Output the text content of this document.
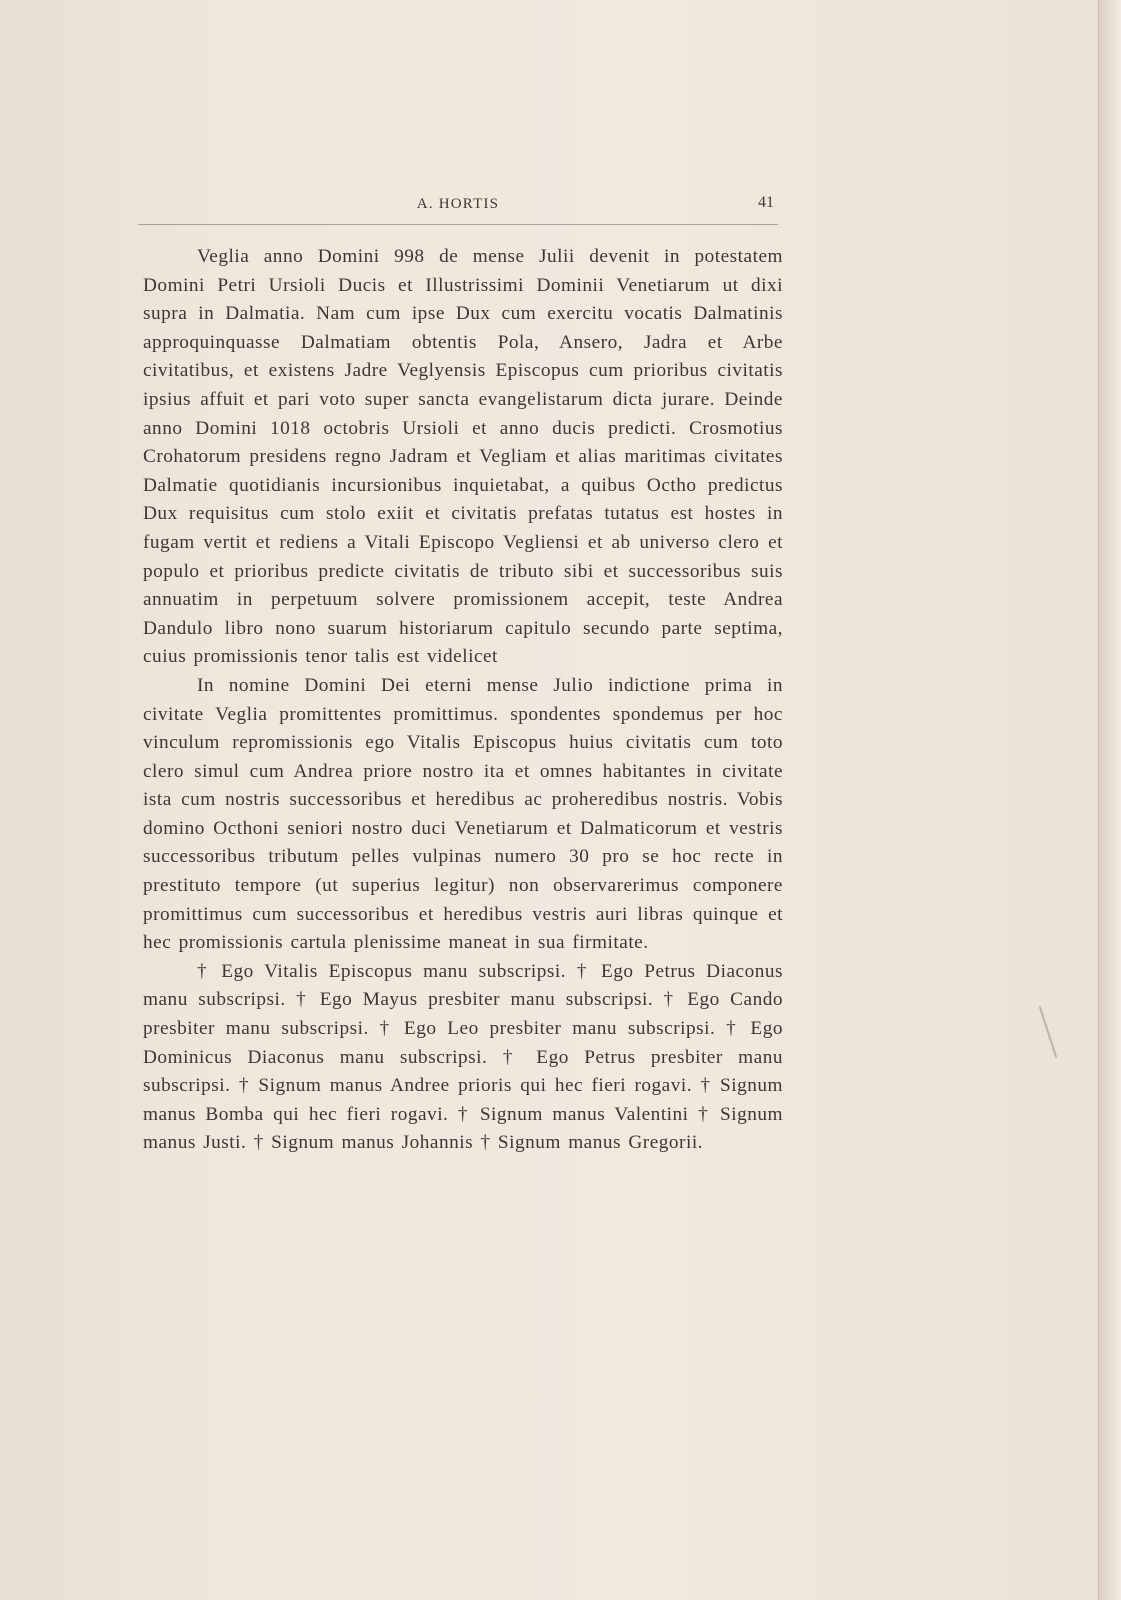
A. HORTIS	41

Veglia anno Domini 998 de mense Julii devenit in potestatem Domini Petri Ursioli Ducis et Illustrissimi Dominii Venetiarum ut dixi supra in Dalmatia. Nam cum ipse Dux cum exercitu vocatis Dalmatinis approquinquasse Dalmatiam obtentis Pola, Ansero, Jadra et Arbe civitatibus, et existens Jadre Veglyensis Episcopus cum prioribus civitatis ipsius affuit et pari voto super sancta evangelistarum dicta jurare. Deinde anno Domini 1018 octobris Ursioli et anno ducis predicti. Crosmotius Crohatorum presidens regno Jadram et Vegliam et alias maritimas civitates Dalmatie quotidianis incursionibus inquietabat, a quibus Octho predictus Dux requisitus cum stolo exiit et civitatis prefatas tutatus est hostes in fugam vertit et rediens a Vitali Episcopo Vegliensi et ab universo clero et populo et prioribus predicte civitatis de tributo sibi et successoribus suis annuatim in perpetuum solvere promissionem accepit, teste Andrea Dandulo libro nono suarum historiarum capitulo secundo parte septima, cuius promissionis tenor talis est videlicet

In nomine Domini Dei eterni mense Julio indictione prima in civitate Veglia promittentes promittimus. spondentes spondemus per hoc vinculum repromissionis ego Vitalis Episcopus huius civitatis cum toto clero simul cum Andrea priore nostro ita et omnes habitantes in civitate ista cum nostris successoribus et heredibus ac proheredibus nostris. Vobis domino Octhoni seniori nostro duci Venetiarum et Dalmaticorum et vestris successoribus tributum pelles vulpinas numero 30 pro se hoc recte in prestituto tempore (ut superius legitur) non observarerimus componere promittimus cum successoribus et heredibus vestris auri libras quinque et hec promissionis cartula plenissime maneat in sua firmitate.

† Ego Vitalis Episcopus manu subscripsi. † Ego Petrus Diaconus manu subscripsi. † Ego Mayus presbiter manu subscripsi. † Ego Cando presbiter manu subscripsi. † Ego Leo presbiter manu subscripsi. † Ego Dominicus Diaconus manu subscripsi. † Ego Petrus presbiter manu subscripsi. † Signum manus Andree prioris qui hec fieri rogavi. † Signum manus Bomba qui hec fieri rogavi. † Signum manus Valentini † Signum manus Justi. † Signum manus Johannis † Signum manus Gregorii.
